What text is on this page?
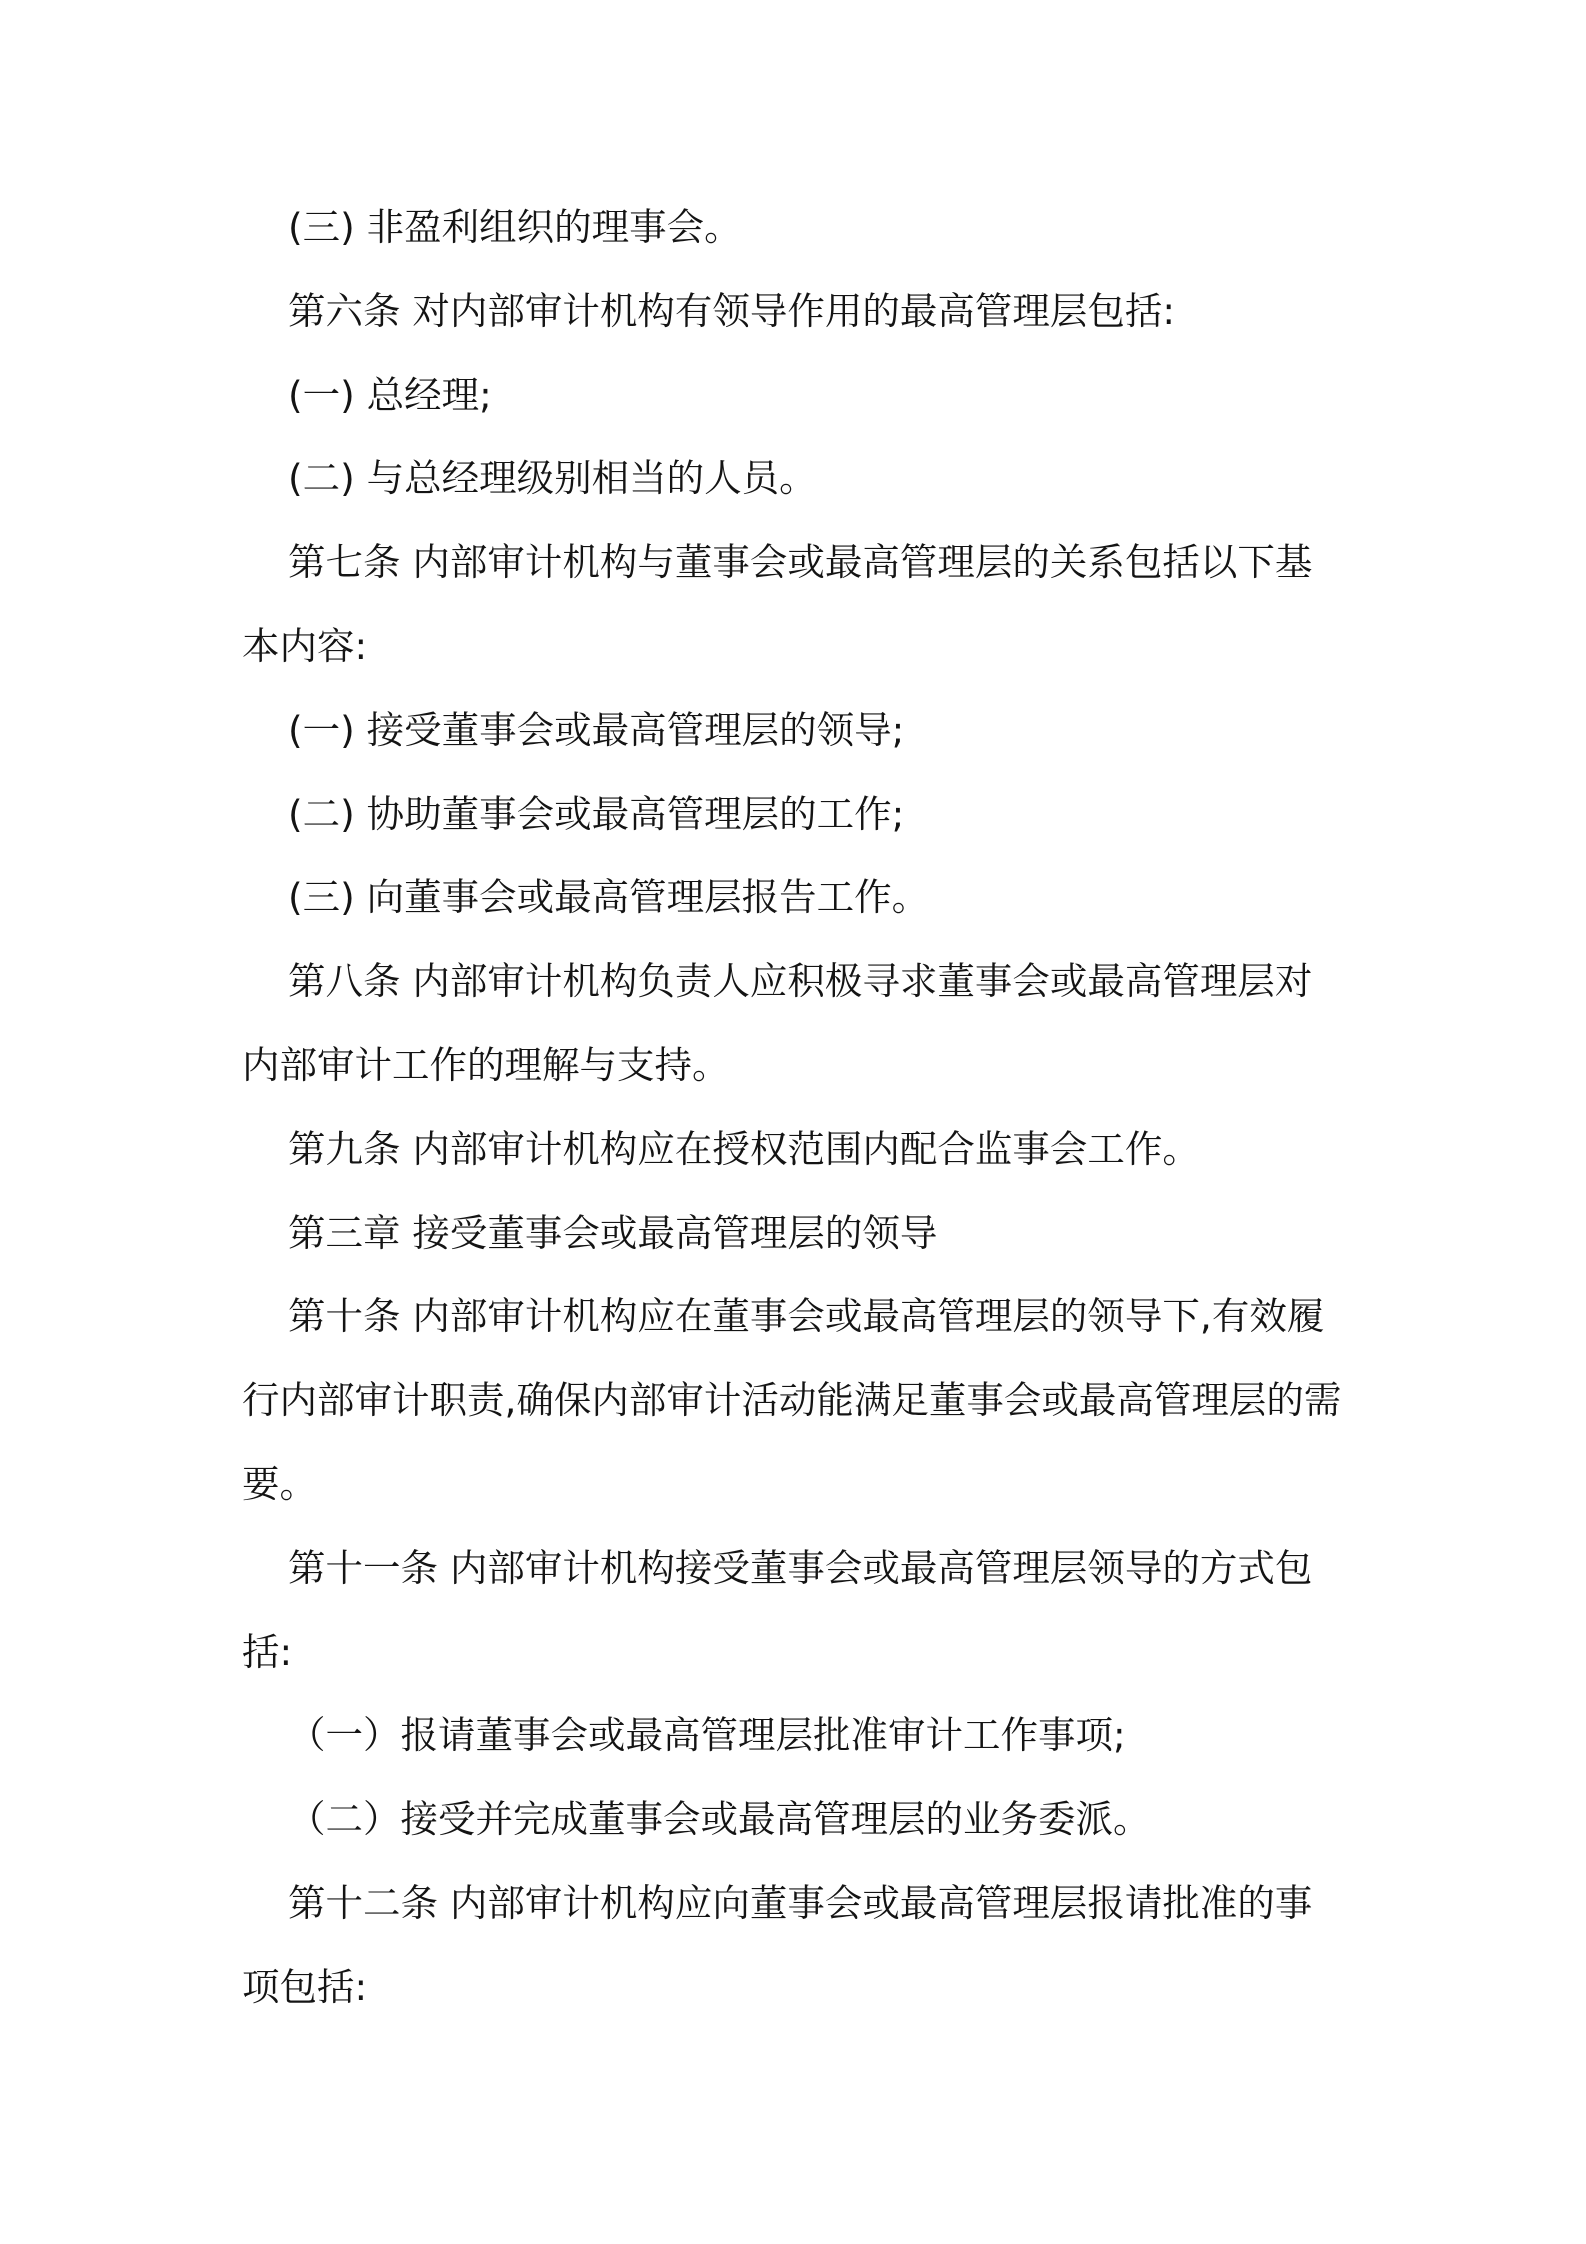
(三) 非盈利组织的理事会。
第六条 对内部审计机构有领导作用的最高管理层包括:
(一) 总经理;
(二) 与总经理级别相当的人员。
第七条 内部审计机构与董事会或最高管理层的关系包括以下基
本内容:
(一) 接受董事会或最高管理层的领导;
(二) 协助董事会或最高管理层的工作;
(三) 向董事会或最高管理层报告工作。
第八条 内部审计机构负责人应积极寻求董事会或最高管理层对
内部审计工作的理解与支持。
第九条 内部审计机构应在授权范围内配合监事会工作。
第三章 接受董事会或最高管理层的领导
第十条 内部审计机构应在董事会或最高管理层的领导下,有效履
行内部审计职责,确保内部审计活动能满足董事会或最高管理层的需
要。
第十一条 内部审计机构接受董事会或最高管理层领导的方式包
括:
（一）报请董事会或最高管理层批准审计工作事项;
（二）接受并完成董事会或最高管理层的业务委派。
第十二条 内部审计机构应向董事会或最高管理层报请批准的事
项包括:
